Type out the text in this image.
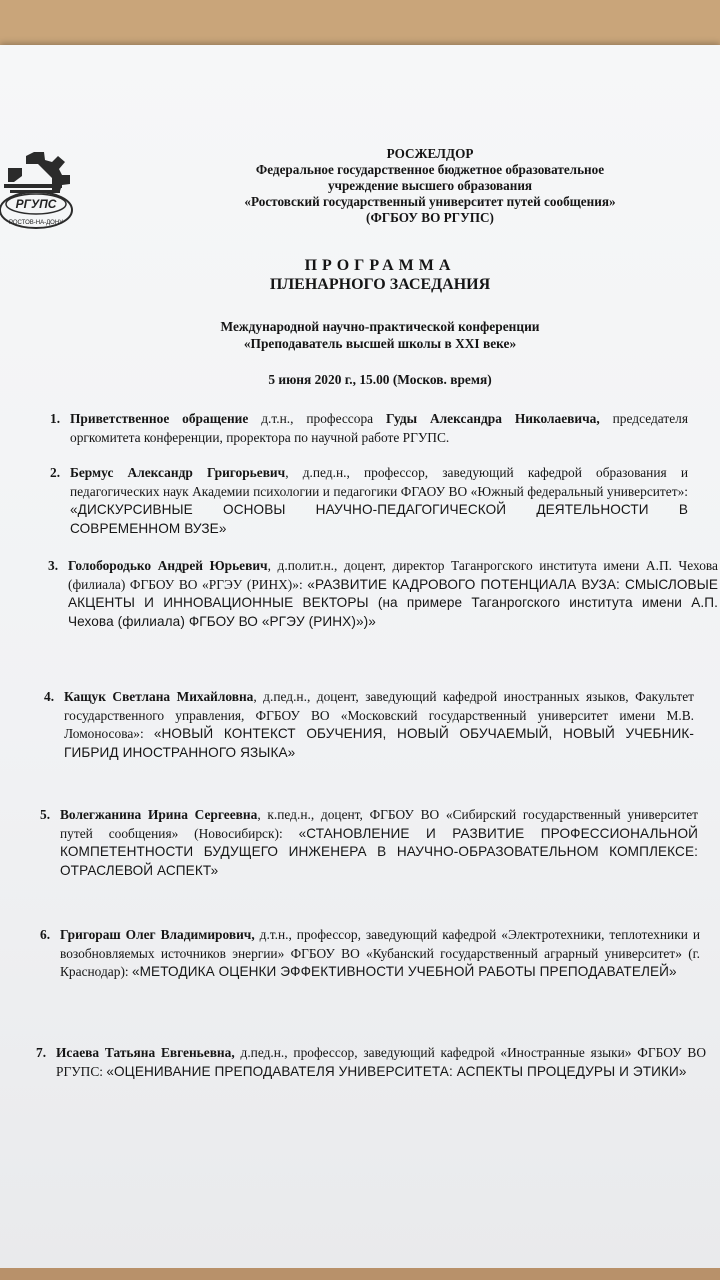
РГУПС
РОСТОВ-НА-ДОНУ
РОСЖЕЛДОР
Федеральное государственное бюджетное образовательное
учреждение высшего образования
«Ростовский государственный университет путей сообщения»
(ФГБОУ ВО РГУПС)
ПРОГРАММА
ПЛЕНАРНОГО ЗАСЕДАНИЯ
Международной научно-практической конференции
«Преподаватель высшей школы в XXI веке»
5 июня 2020 г., 15.00 (Москов. время)
1. Приветственное обращение д.т.н., профессора Гуды Александра Николаевича, председателя оргкомитета конференции, проректора по научной работе РГУПС.
2. Бермус Александр Григорьевич, д.пед.н., профессор, заведующий кафедрой образования и педагогических наук Академии психологии и педагогики ФГАОУ ВО «Южный федеральный университет»: «ДИСКУРСИВНЫЕ ОСНОВЫ НАУЧНО-ПЕДАГОГИЧЕСКОЙ ДЕЯТЕЛЬНОСТИ В СОВРЕМЕННОМ ВУЗЕ»
3. Голобородько Андрей Юрьевич, д.полит.н., доцент, директор Таганрогского института имени А.П. Чехова (филиала) ФГБОУ ВО «РГЭУ (РИНХ)»: «РАЗВИТИЕ КАДРОВОГО ПОТЕНЦИАЛА ВУЗА: СМЫСЛОВЫЕ АКЦЕНТЫ И ИННОВАЦИОННЫЕ ВЕКТОРЫ (на примере Таганрогского института имени А.П. Чехова (филиала) ФГБОУ ВО «РГЭУ (РИНХ)»)»
4. Кащук Светлана Михайловна, д.пед.н., доцент, заведующий кафедрой иностранных языков, Факультет государственного управления, ФГБОУ ВО «Московский государственный университет имени М.В. Ломоносова»: «НОВЫЙ КОНТЕКСТ ОБУЧЕНИЯ, НОВЫЙ ОБУЧАЕМЫЙ, НОВЫЙ УЧЕБНИК-ГИБРИД ИНОСТРАННОГО ЯЗЫКА»
5. Волегжанина Ирина Сергеевна, к.пед.н., доцент, ФГБОУ ВО «Сибирский государственный университет путей сообщения» (Новосибирск): «СТАНОВЛЕНИЕ И РАЗВИТИЕ ПРОФЕССИОНАЛЬНОЙ КОМПЕТЕНТНОСТИ БУДУЩЕГО ИНЖЕНЕРА В НАУЧНО-ОБРАЗОВАТЕЛЬНОМ КОМПЛЕКСЕ: ОТРАСЛЕВОЙ АСПЕКТ»
6. Григораш Олег Владимирович, д.т.н., профессор, заведующий кафедрой «Электротехники, теплотехники и возобновляемых источников энергии» ФГБОУ ВО «Кубанский государственный аграрный университет» (г. Краснодар): «МЕТОДИКА ОЦЕНКИ ЭФФЕКТИВНОСТИ УЧЕБНОЙ РАБОТЫ ПРЕПОДАВАТЕЛЕЙ»
7. Исаева Татьяна Евгеньевна, д.пед.н., профессор, заведующий кафедрой «Иностранные языки» ФГБОУ ВО РГУПС: «ОЦЕНИВАНИЕ ПРЕПОДАВАТЕЛЯ УНИВЕРСИТЕТА: АСПЕКТЫ ПРОЦЕДУРЫ И ЭТИКИ»
